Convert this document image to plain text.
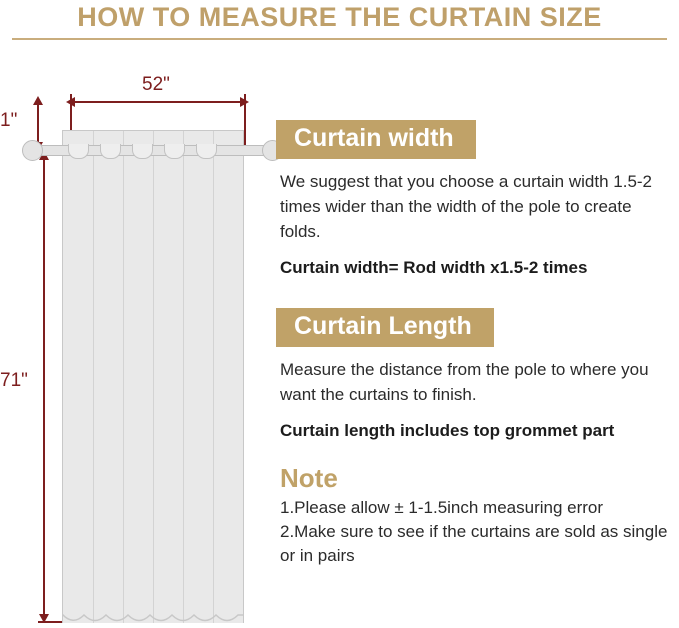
HOW TO MEASURE THE CURTAIN SIZE
52"
1"
71"
Curtain width
We suggest that you choose a curtain width 1.5-2 times wider than the width of the pole to create folds.
Curtain width= Rod width x1.5-2 times
Curtain Length
Measure the distance from the pole to where you want the curtains to finish.
Curtain length includes top grommet part
Note
1.Please allow ± 1-1.5inch measuring error
2.Make sure to see if the curtains are sold as single or in pairs
